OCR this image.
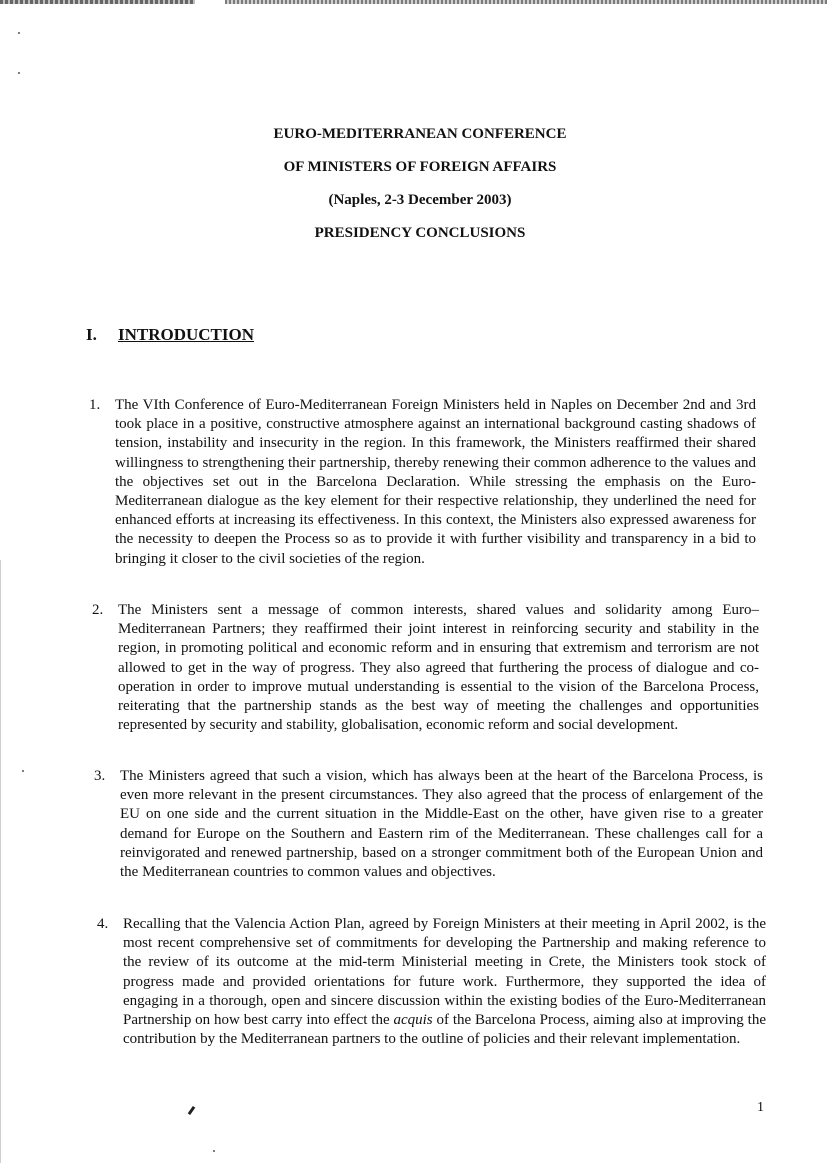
EURO-MEDITERRANEAN CONFERENCE
OF MINISTERS OF FOREIGN AFFAIRS
(Naples, 2-3 December 2003)
PRESIDENCY CONCLUSIONS
I. INTRODUCTION
1. The VIth Conference of Euro-Mediterranean Foreign Ministers held in Naples on December 2nd and 3rd took place in a positive, constructive atmosphere against an international background casting shadows of tension, instability and insecurity in the region. In this framework, the Ministers reaffirmed their shared willingness to strengthening their partnership, thereby renewing their common adherence to the values and the objectives set out in the Barcelona Declaration. While stressing the emphasis on the Euro-Mediterranean dialogue as the key element for their respective relationship, they underlined the need for enhanced efforts at increasing its effectiveness. In this context, the Ministers also expressed awareness for the necessity to deepen the Process so as to provide it with further visibility and transparency in a bid to bringing it closer to the civil societies of the region.
2. The Ministers sent a message of common interests, shared values and solidarity among Euro–Mediterranean Partners; they reaffirmed their joint interest in reinforcing security and stability in the region, in promoting political and economic reform and in ensuring that extremism and terrorism are not allowed to get in the way of progress. They also agreed that furthering the process of dialogue and co-operation in order to improve mutual understanding is essential to the vision of the Barcelona Process, reiterating that the partnership stands as the best way of meeting the challenges and opportunities represented by security and stability, globalisation, economic reform and social development.
3. The Ministers agreed that such a vision, which has always been at the heart of the Barcelona Process, is even more relevant in the present circumstances. They also agreed that the process of enlargement of the EU on one side and the current situation in the Middle-East on the other, have given rise to a greater demand for Europe on the Southern and Eastern rim of the Mediterranean. These challenges call for a reinvigorated and renewed partnership, based on a stronger commitment both of the European Union and the Mediterranean countries to common values and objectives.
4. Recalling that the Valencia Action Plan, agreed by Foreign Ministers at their meeting in April 2002, is the most recent comprehensive set of commitments for developing the Partnership and making reference to the review of its outcome at the mid-term Ministerial meeting in Crete, the Ministers took stock of progress made and provided orientations for future work. Furthermore, they supported the idea of engaging in a thorough, open and sincere discussion within the existing bodies of the Euro-Mediterranean Partnership on how best carry into effect the acquis of the Barcelona Process, aiming also at improving the contribution by the Mediterranean partners to the outline of policies and their relevant implementation.
1
